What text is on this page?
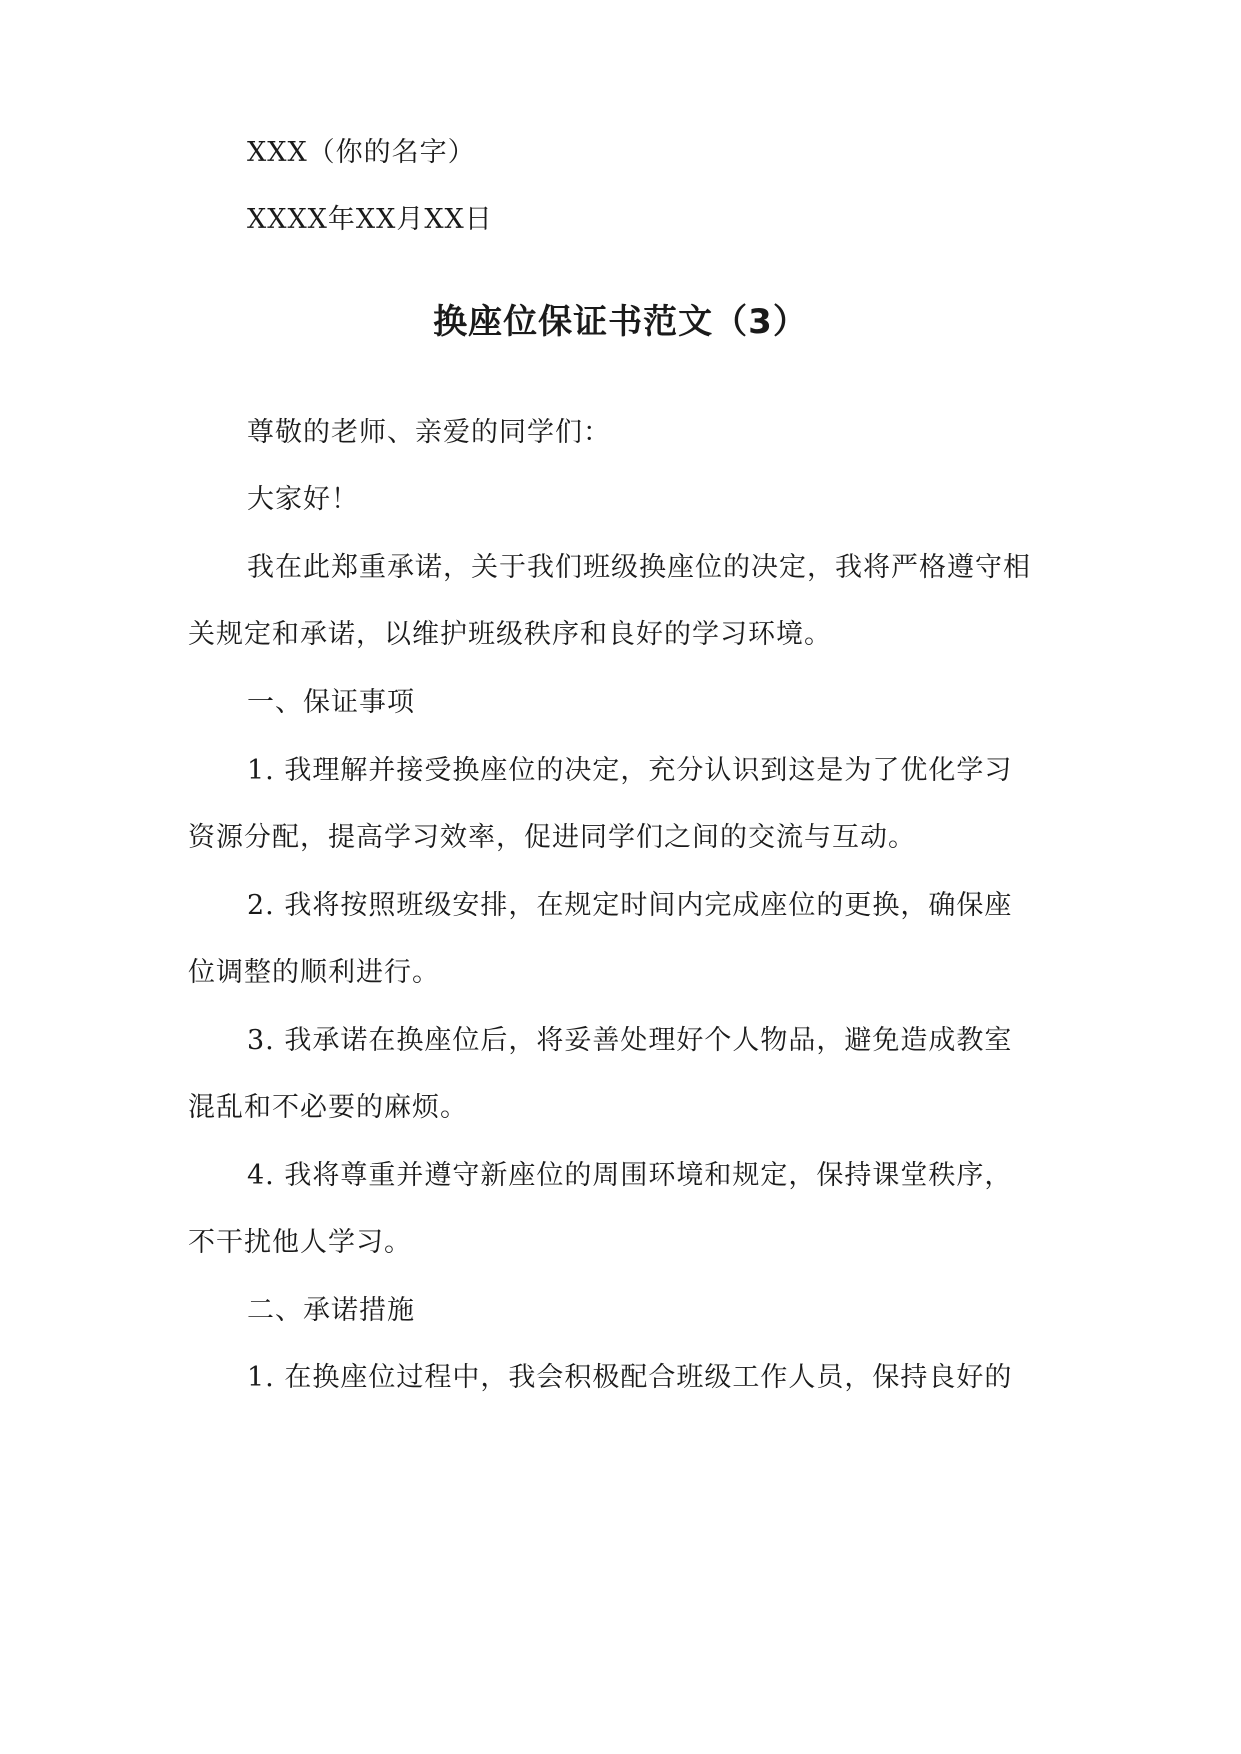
XXX（你的名字）
XXXX年XX月XX日
换座位保证书范文（3）
尊敬的老师、亲爱的同学们：
大家好！
我在此郑重承诺，关于我们班级换座位的决定，我将严格遵守相
关规定和承诺，以维护班级秩序和良好的学习环境。
一、保证事项
1. 我理解并接受换座位的决定，充分认识到这是为了优化学习
资源分配，提高学习效率，促进同学们之间的交流与互动。
2. 我将按照班级安排，在规定时间内完成座位的更换，确保座
位调整的顺利进行。
3. 我承诺在换座位后，将妥善处理好个人物品，避免造成教室
混乱和不必要的麻烦。
4. 我将尊重并遵守新座位的周围环境和规定，保持课堂秩序，
不干扰他人学习。
二、承诺措施
1. 在换座位过程中，我会积极配合班级工作人员，保持良好的
